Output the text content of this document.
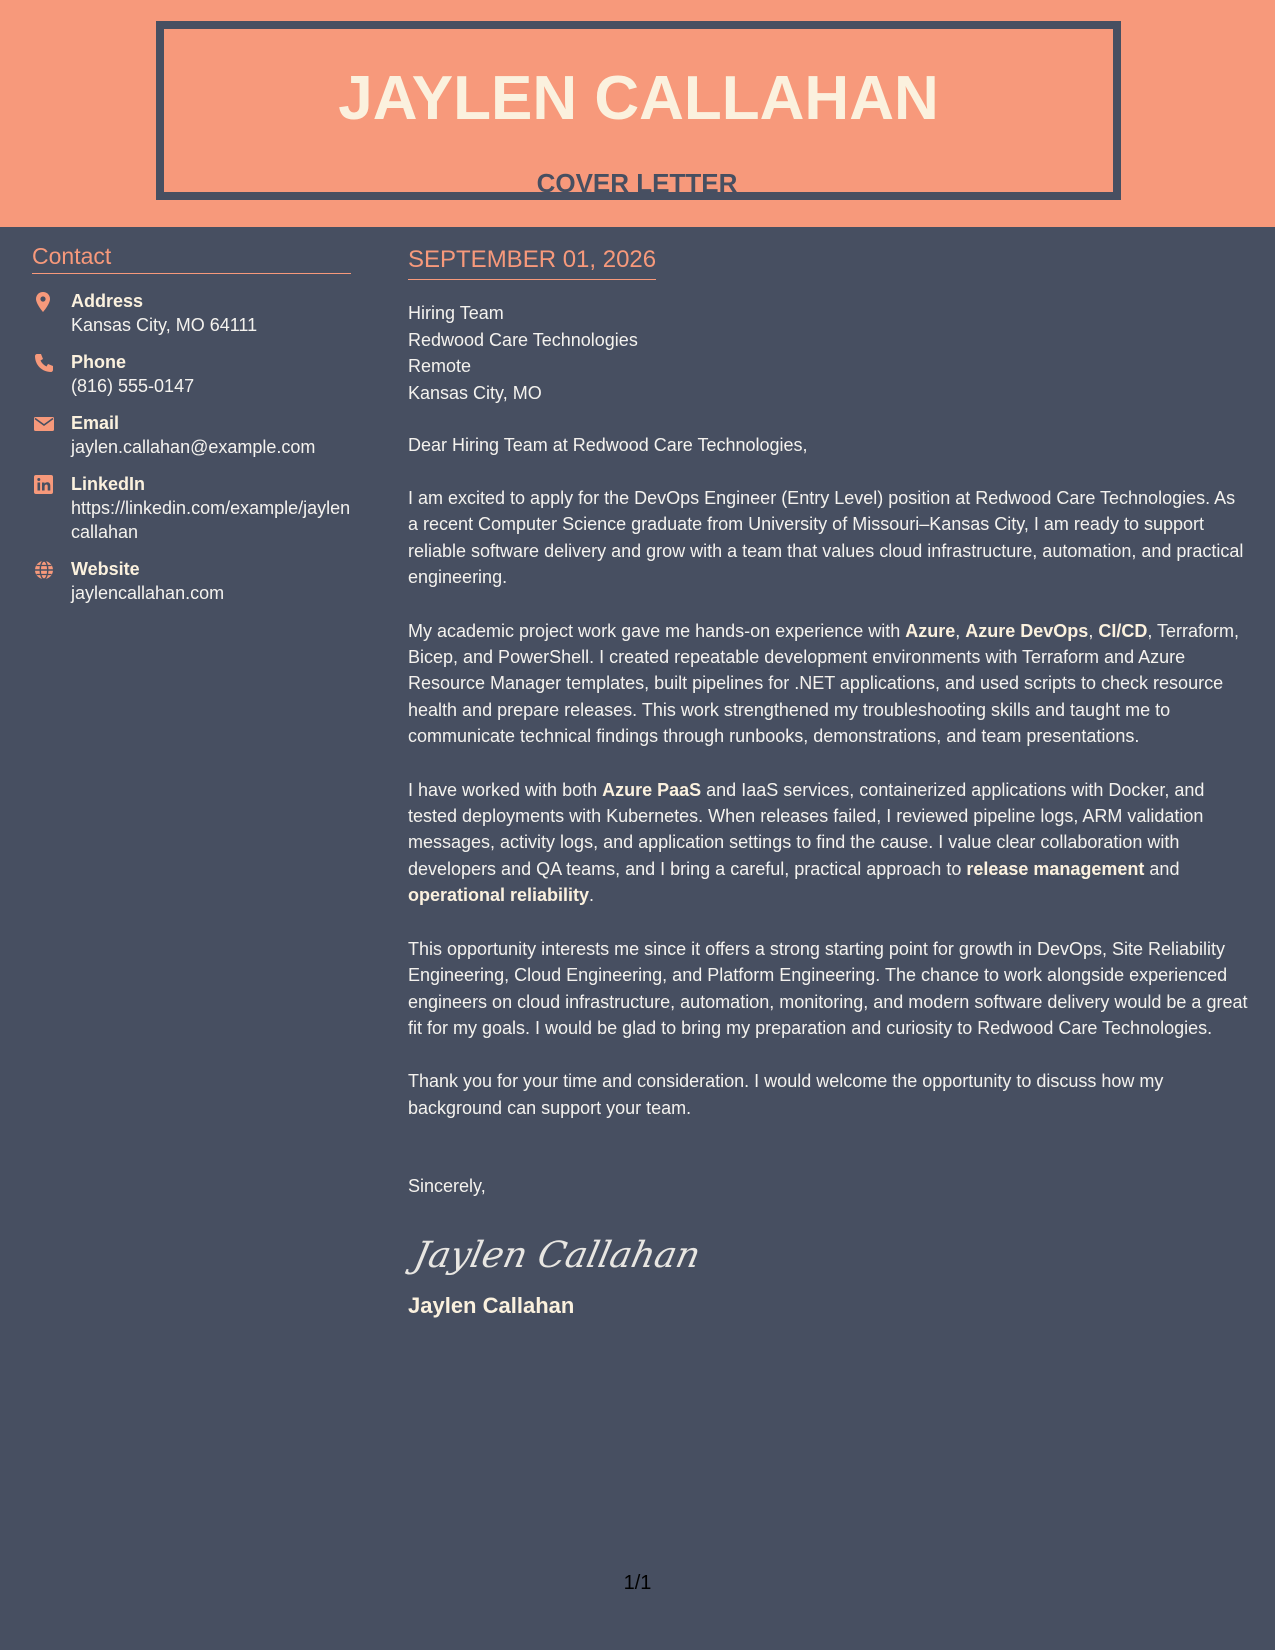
JAYLEN CALLAHAN
COVER LETTER
Contact
Address
Kansas City, MO 64111
Phone
(816) 555-0147
Email
jaylen.callahan@example.com
LinkedIn
https://linkedin.com/example/jaylencallahan
Website
jaylencallahan.com
SEPTEMBER 01, 2026
Hiring Team
Redwood Care Technologies
Remote
Kansas City, MO
Dear Hiring Team at Redwood Care Technologies,
I am excited to apply for the DevOps Engineer (Entry Level) position at Redwood Care Technologies. As a recent Computer Science graduate from University of Missouri–Kansas City, I am ready to support reliable software delivery and grow with a team that values cloud infrastructure, automation, and practical engineering.
My academic project work gave me hands-on experience with Azure, Azure DevOps, CI/CD, Terraform, Bicep, and PowerShell. I created repeatable development environments with Terraform and Azure Resource Manager templates, built pipelines for .NET applications, and used scripts to check resource health and prepare releases. This work strengthened my troubleshooting skills and taught me to communicate technical findings through runbooks, demonstrations, and team presentations.
I have worked with both Azure PaaS and IaaS services, containerized applications with Docker, and tested deployments with Kubernetes. When releases failed, I reviewed pipeline logs, ARM validation messages, activity logs, and application settings to find the cause. I value clear collaboration with developers and QA teams, and I bring a careful, practical approach to release management and operational reliability.
This opportunity interests me since it offers a strong starting point for growth in DevOps, Site Reliability Engineering, Cloud Engineering, and Platform Engineering. The chance to work alongside experienced engineers on cloud infrastructure, automation, monitoring, and modern software delivery would be a great fit for my goals. I would be glad to bring my preparation and curiosity to Redwood Care Technologies.
Thank you for your time and consideration. I would welcome the opportunity to discuss how my background can support your team.
Sincerely,
Jaylen Callahan
Jaylen Callahan
1/1
